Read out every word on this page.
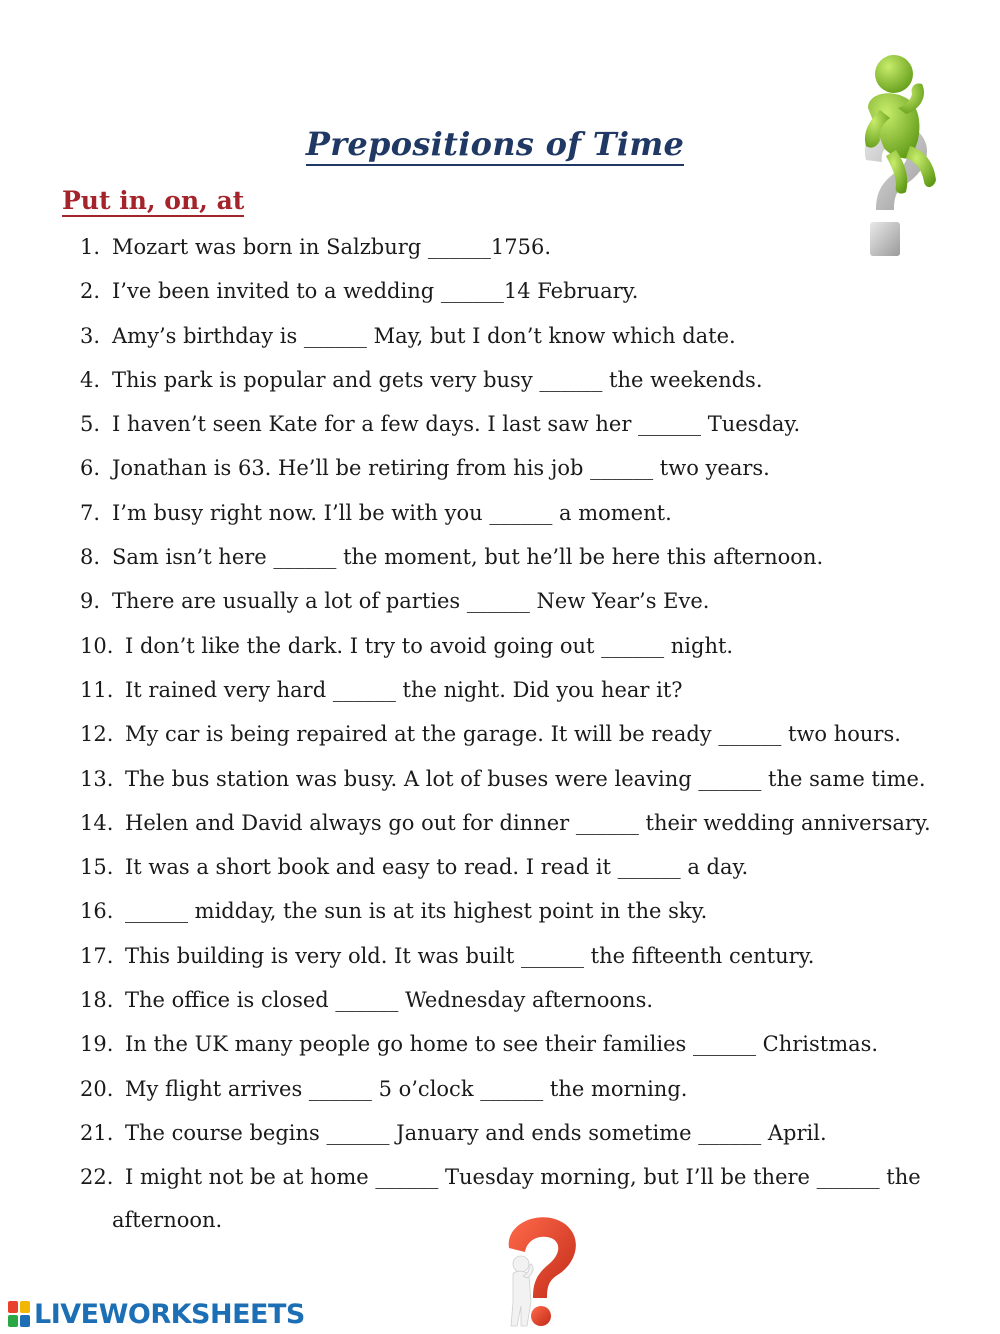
Prepositions of Time
Put in, on, at
1. Mozart was born in Salzburg ______1756.
2. I’ve been invited to a wedding ______14 February.
3. Amy’s birthday is ______ May, but I don’t know which date.
4. This park is popular and gets very busy ______ the weekends.
5. I haven’t seen Kate for a few days. I last saw her ______ Tuesday.
6. Jonathan is 63. He’ll be retiring from his job ______ two years.
7. I’m busy right now. I’ll be with you ______ a moment.
8. Sam isn’t here ______ the moment, but he’ll be here this afternoon.
9. There are usually a lot of parties ______ New Year’s Eve.
10. I don’t like the dark. I try to avoid going out ______ night.
11. It rained very hard ______ the night. Did you hear it?
12. My car is being repaired at the garage. It will be ready ______ two hours.
13. The bus station was busy. A lot of buses were leaving ______ the same time.
14. Helen and David always go out for dinner ______ their wedding anniversary.
15. It was a short book and easy to read. I read it ______ a day.
16. ______ midday, the sun is at its highest point in the sky.
17. This building is very old. It was built ______ the fifteenth century.
18. The office is closed ______ Wednesday afternoons.
19. In the UK many people go home to see their families ______ Christmas.
20. My flight arrives ______ 5 o’clock ______ the morning.
21. The course begins ______ January and ends sometime ______ April.
22. I might not be at home ______ Tuesday morning, but I’ll be there ______ the
afternoon.
LIVEWORKSHEETS
